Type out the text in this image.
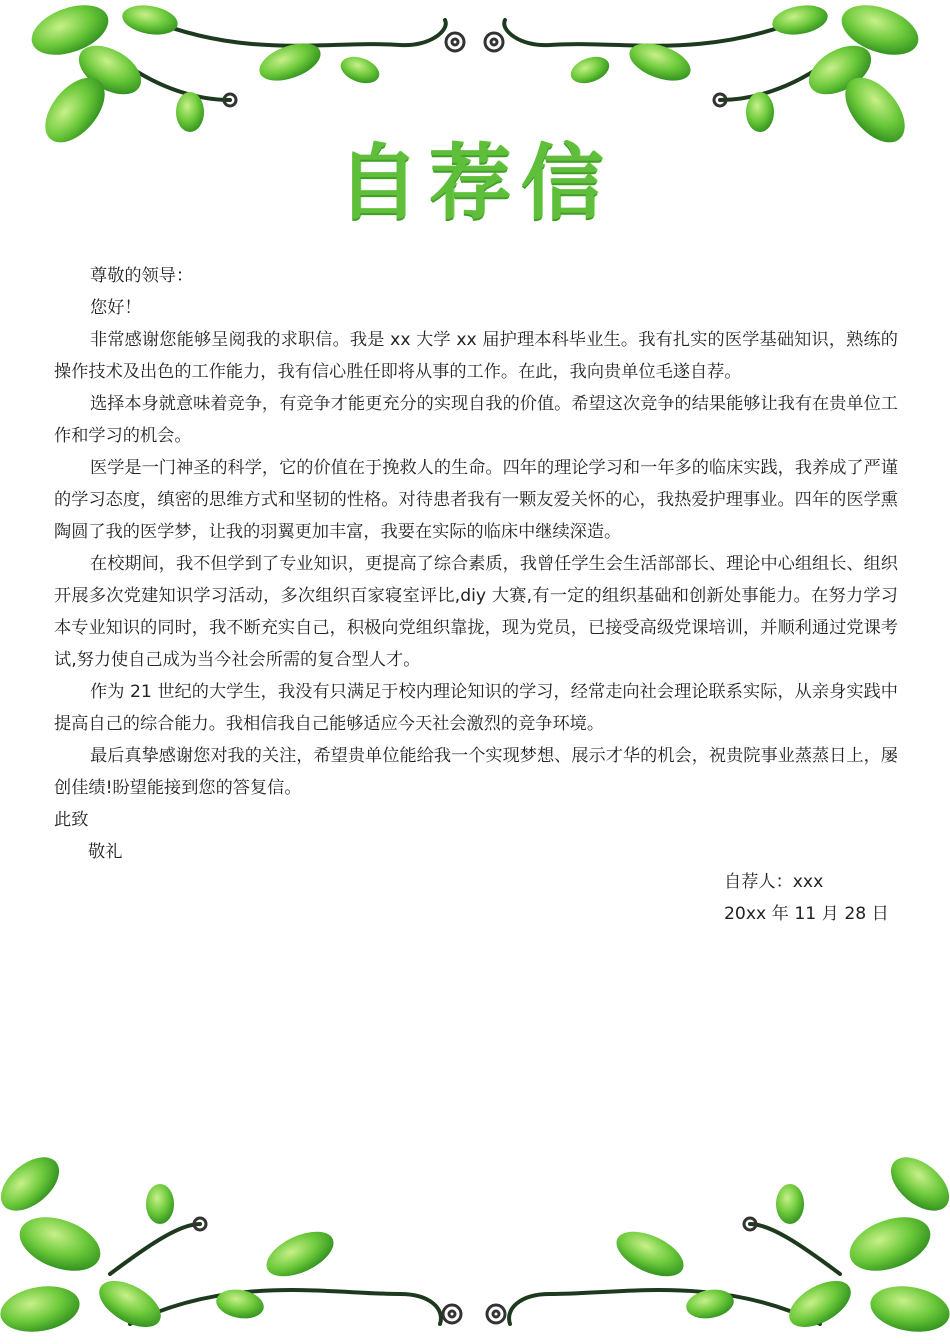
自荐信

尊敬的领导：

您好！

非常感谢您能够呈阅我的求职信。我是 xx 大学 xx 届护理本科毕业生。我有扎实的医学基础知识，熟练的操作技术及出色的工作能力，我有信心胜任即将从事的工作。在此，我向贵单位毛遂自荐。

选择本身就意味着竞争，有竞争才能更充分的实现自我的价值。希望这次竞争的结果能够让我有在贵单位工作和学习的机会。

医学是一门神圣的科学，它的价值在于挽救人的生命。四年的理论学习和一年多的临床实践，我养成了严谨的学习态度，缜密的思维方式和坚韧的性格。对待患者我有一颗友爱关怀的心，我热爱护理事业。四年的医学熏陶圆了我的医学梦，让我的羽翼更加丰富，我要在实际的临床中继续深造。

在校期间，我不但学到了专业知识，更提高了综合素质，我曾任学生会生活部部长、理论中心组组长、组织开展多次党建知识学习活动，多次组织百家寝室评比,diy 大赛,有一定的组织基础和创新处事能力。在努力学习本专业知识的同时，我不断充实自己，积极向党组织靠拢，现为党员，已接受高级党课培训，并顺利通过党课考试,努力使自己成为当今社会所需的复合型人才。

作为 21 世纪的大学生，我没有只满足于校内理论知识的学习，经常走向社会理论联系实际，从亲身实践中提高自己的综合能力。我相信我自己能够适应今天社会激烈的竞争环境。

最后真挚感谢您对我的关注，希望贵单位能给我一个实现梦想、展示才华的机会，祝贵院事业蒸蒸日上，屡创佳绩!盼望能接到您的答复信。

此致

敬礼

自荐人：xxx
20xx 年 11 月 28 日
